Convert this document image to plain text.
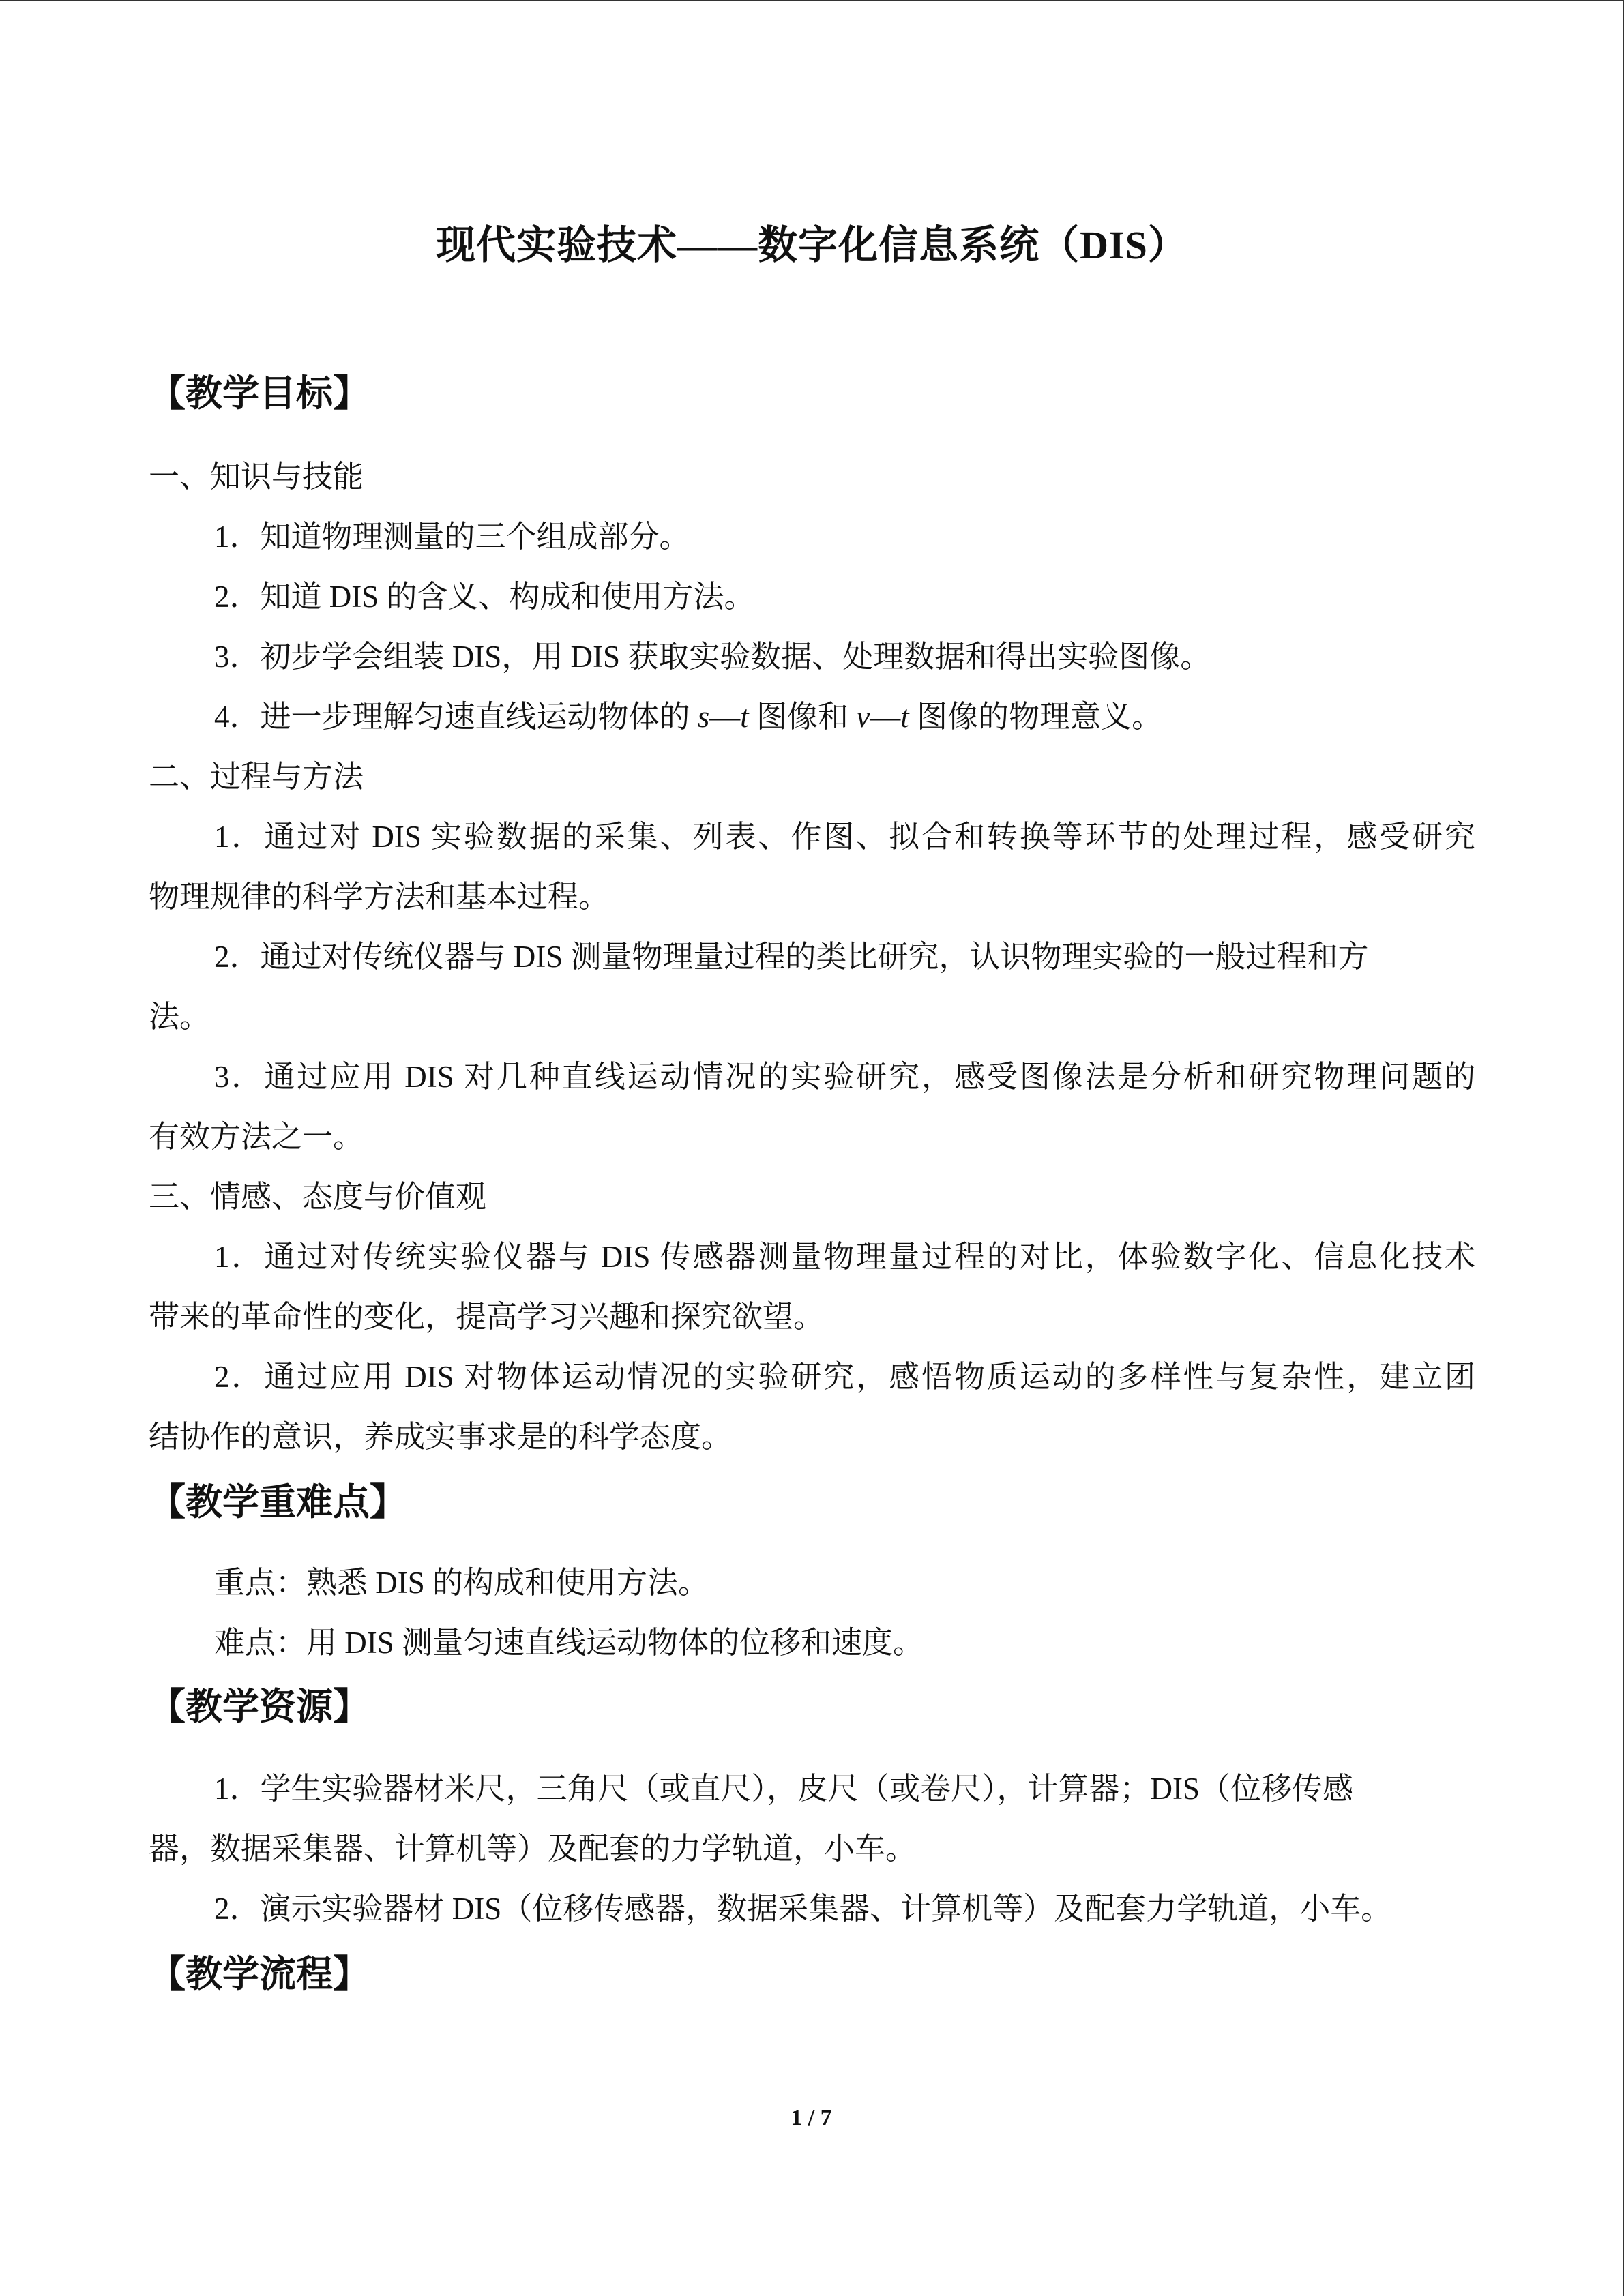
现代实验技术——数字化信息系统（DIS）
【教学目标】
一、知识与技能
1．知道物理测量的三个组成部分。
2．知道 DIS 的含义、构成和使用方法。
3．初步学会组装 DIS，用 DIS 获取实验数据、处理数据和得出实验图像。
4．进一步理解匀速直线运动物体的 s—t 图像和 v—t 图像的物理意义。
二、过程与方法
1．通过对 DIS 实验数据的采集、列表、作图、拟合和转换等环节的处理过程，感受研究
物理规律的科学方法和基本过程。
2．通过对传统仪器与 DIS 测量物理量过程的类比研究，认识物理实验的一般过程和方
法。
3．通过应用 DIS 对几种直线运动情况的实验研究，感受图像法是分析和研究物理问题的
有效方法之一。
三、情感、态度与价值观
1．通过对传统实验仪器与 DIS 传感器测量物理量过程的对比，体验数字化、信息化技术
带来的革命性的变化，提高学习兴趣和探究欲望。
2．通过应用 DIS 对物体运动情况的实验研究，感悟物质运动的多样性与复杂性，建立团
结协作的意识，养成实事求是的科学态度。
【教学重难点】
重点：熟悉 DIS 的构成和使用方法。
难点：用 DIS 测量匀速直线运动物体的位移和速度。
【教学资源】
1．学生实验器材米尺，三角尺（或直尺），皮尺（或卷尺），计算器；DIS（位移传感
器，数据采集器、计算机等）及配套的力学轨道，小车。
2．演示实验器材 DIS（位移传感器，数据采集器、计算机等）及配套力学轨道，小车。
【教学流程】
1 / 7
